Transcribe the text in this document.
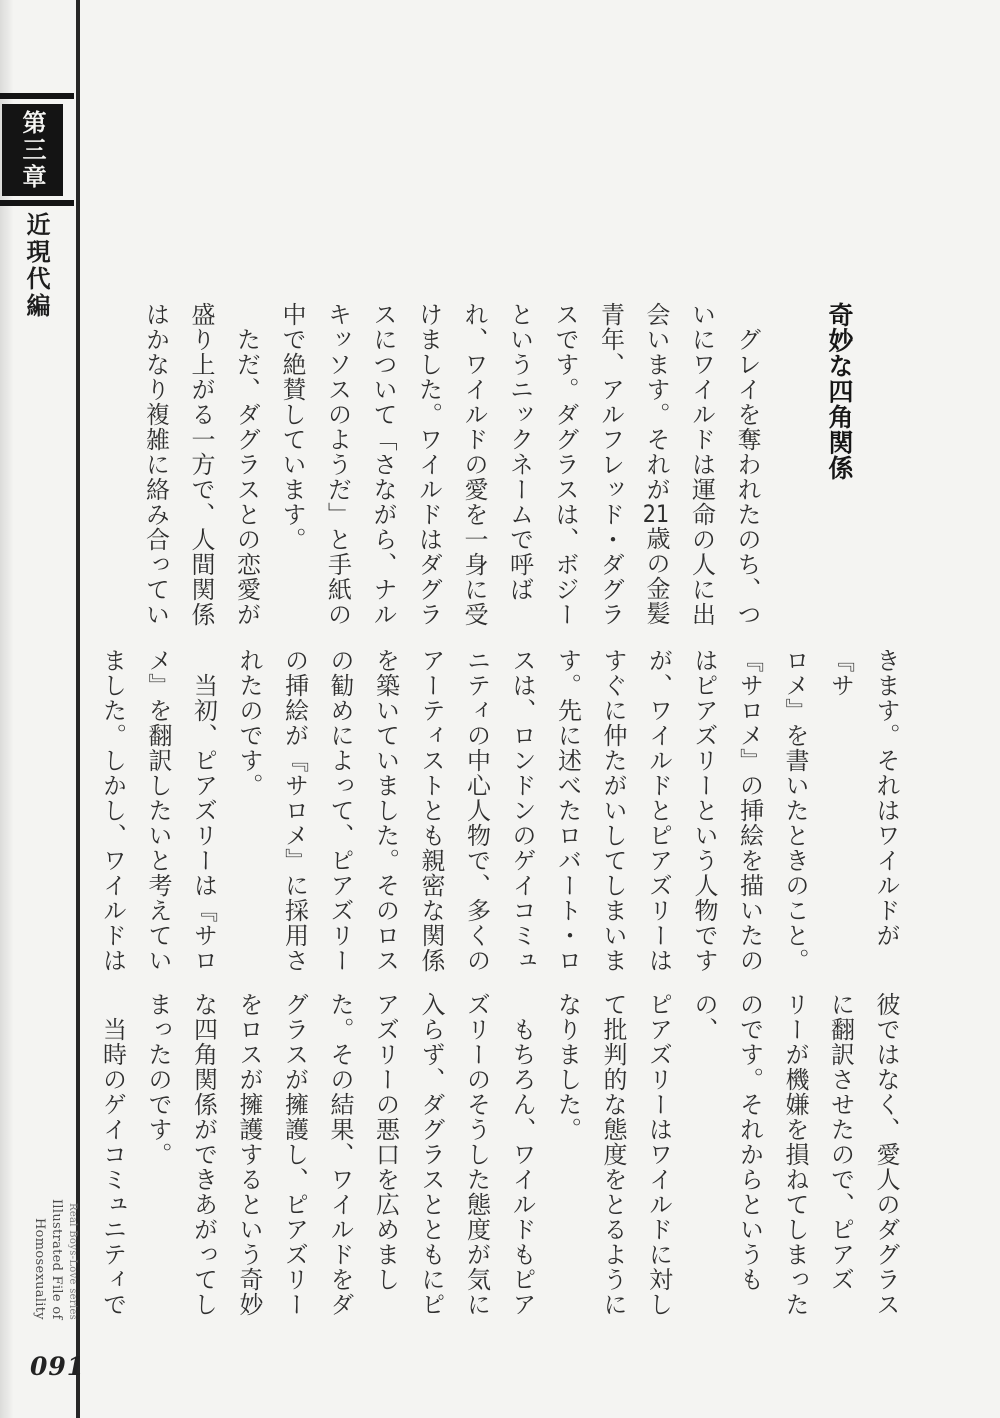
第三章
近現代編

奇妙な四角関係

　グレイを奪われたのち、つ

いにワイルドは運命の人に出

会います。それが21歳の金髪

青年、アルフレッド・ダグラ

スです。ダグラスは、ボジー

というニックネームで呼ば

れ、ワイルドの愛を一身に受

けました。ワイルドはダグラ

スについて「さながら、ナル

キッソスのようだ」と手紙の

中で絶賛しています。

　ただ、ダグラスとの恋愛が

盛り上がる一方で、人間関係

はかなり複雑に絡み合ってい

きます。それはワイルドが『サ

ロメ』を書いたときのこと。

『サロメ』の挿絵を描いたの

はピアズリーという人物です

が、ワイルドとピアズリーは

すぐに仲たがいしてしまいま

す。先に述べたロバート・ロ

スは、ロンドンのゲイコミュ

ニティの中心人物で、多くの

アーティストとも親密な関係

を築いていました。そのロス

の勧めによって、ピアズリー

の挿絵が『サロメ』に採用さ

れたのです。

　当初、ピアズリーは『サロ

メ』を翻訳したいと考えてい

ました。しかし、ワイルドは

彼ではなく、愛人のダグラス

に翻訳させたので、ピアズ

リーが機嫌を損ねてしまった

のです。それからというもの、

ピアズリーはワイルドに対し

て批判的な態度をとるように

なりました。

　もちろん、ワイルドもピア

ズリーのそうした態度が気に

入らず、ダグラスとともにピ

アズリーの悪口を広めまし

た。その結果、ワイルドをダ

グラスが擁護し、ピアズリー

をロスが擁護するという奇妙

な四角関係ができあがってし

まったのです。

　当時のゲイコミュニティで

Real Boys-Love series

Illustrated File of Homosexuality

091
